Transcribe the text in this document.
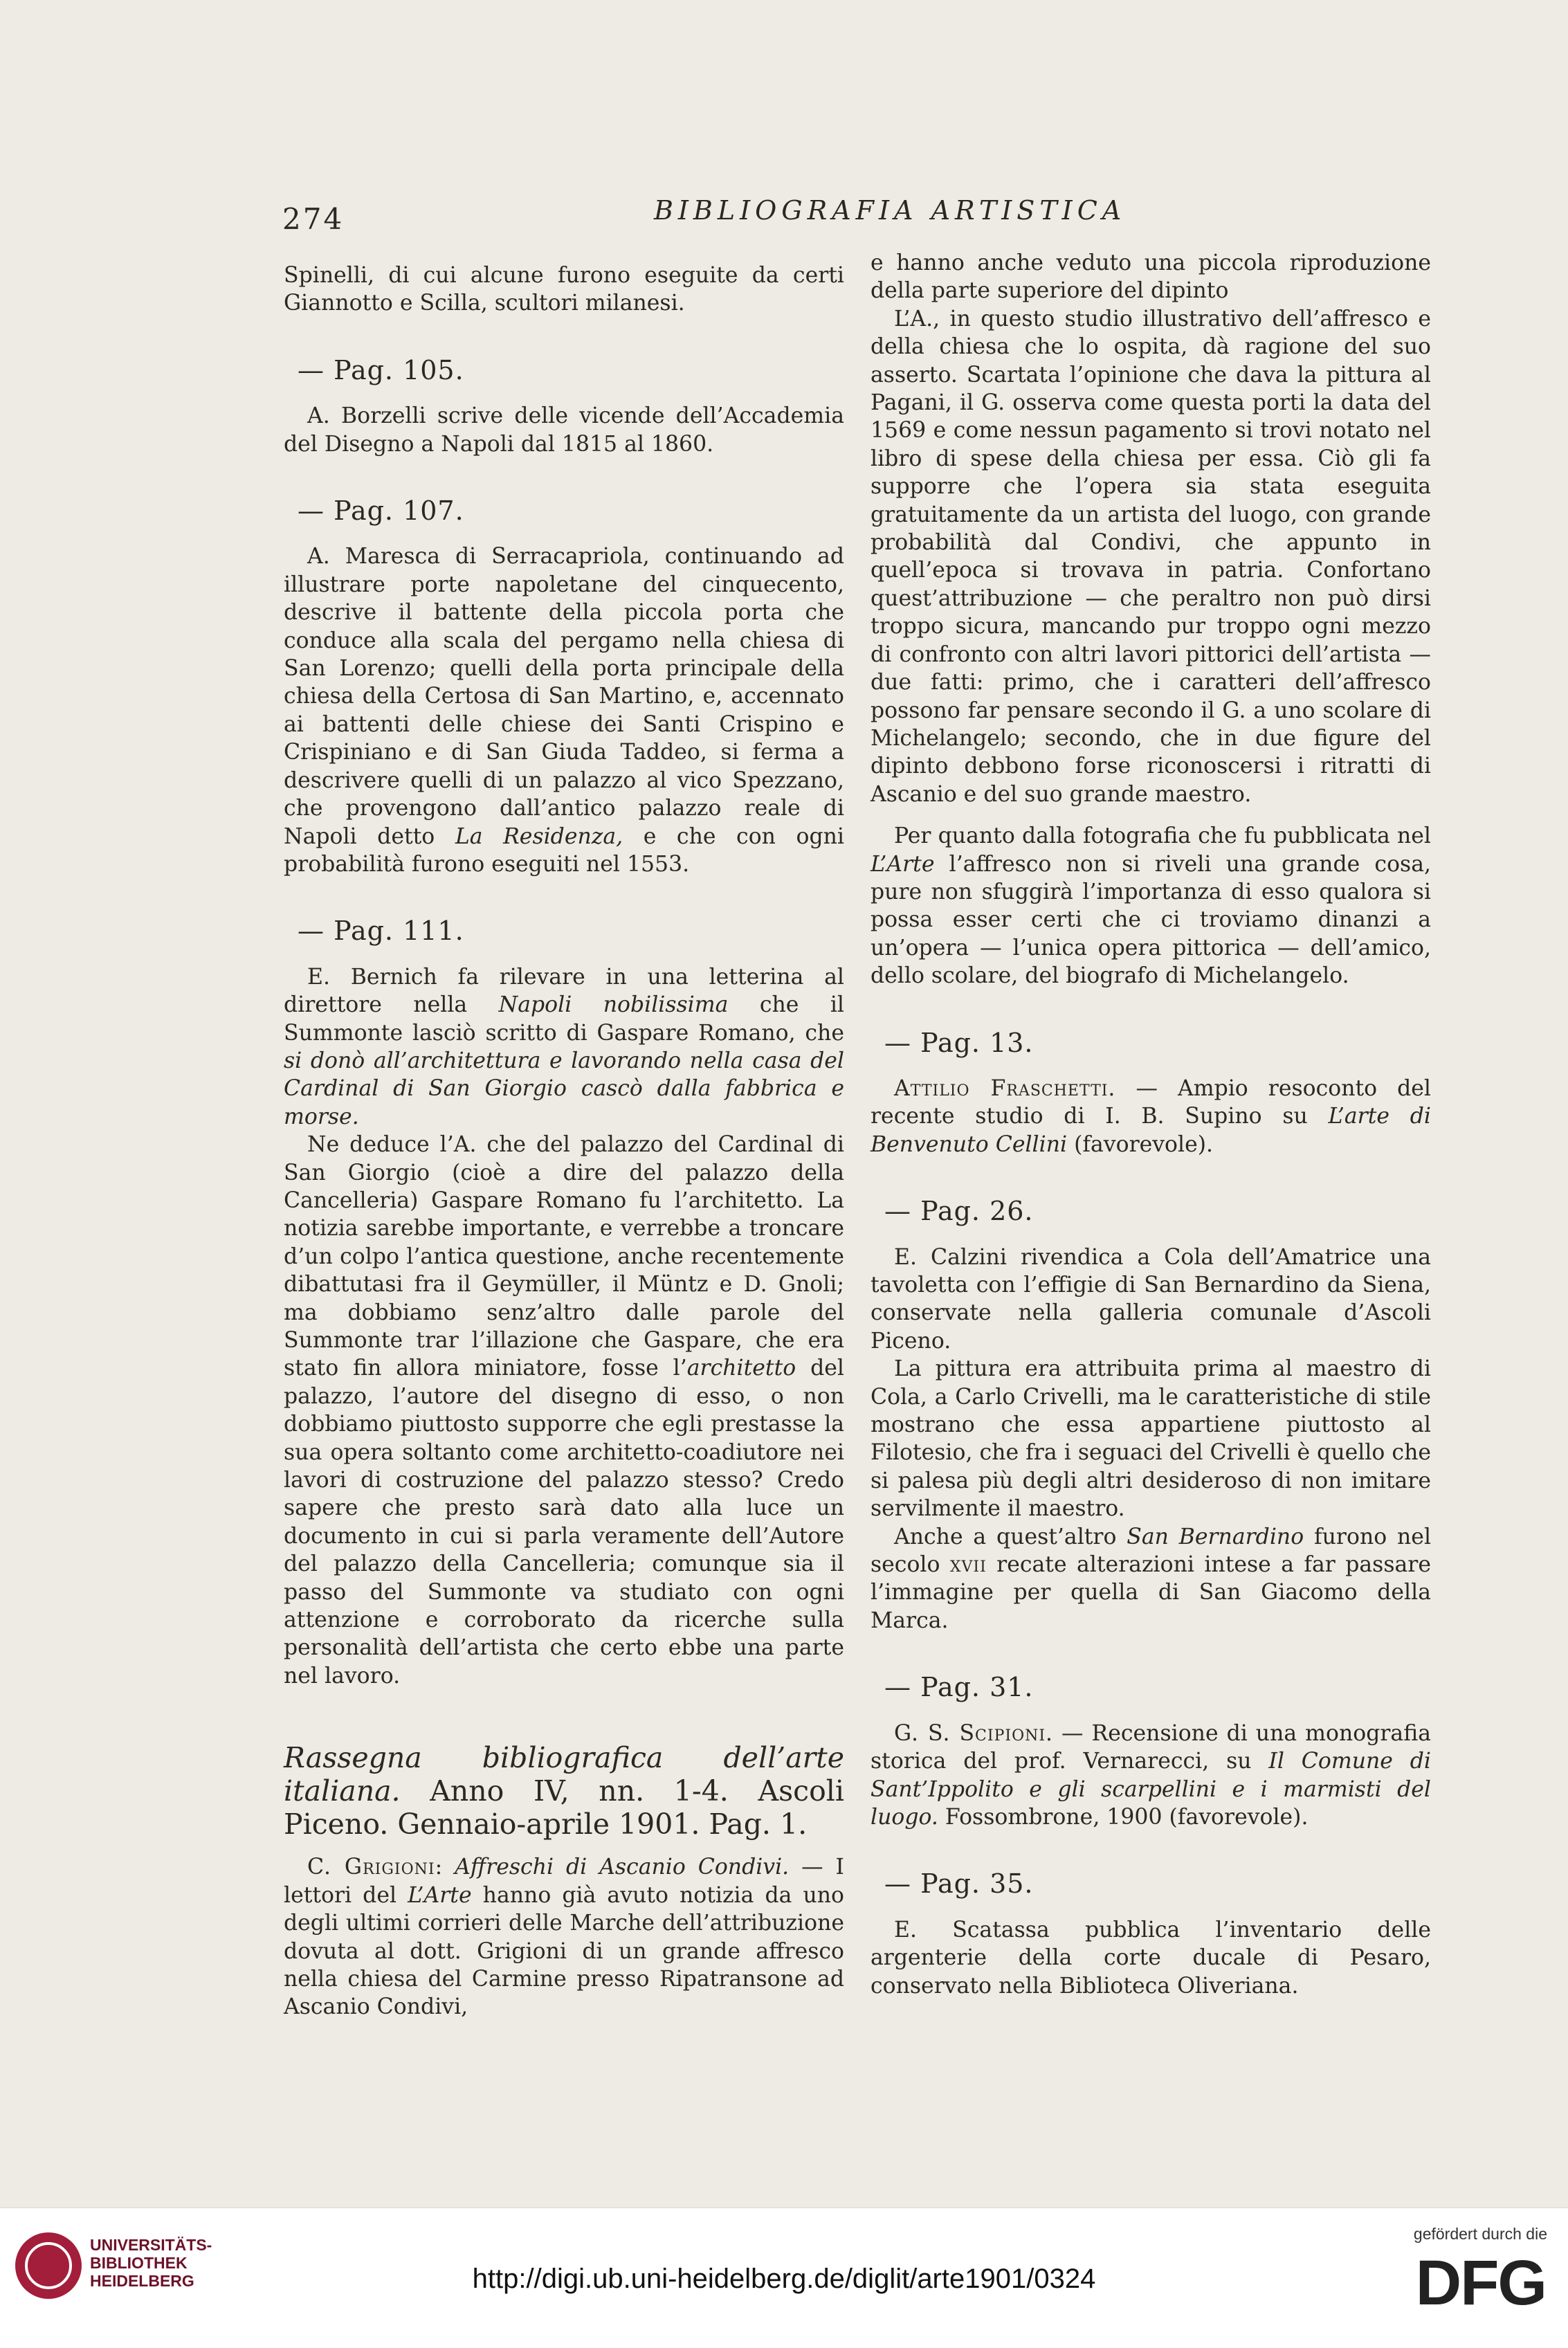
274	BIBLIOGRAFIA ARTISTICA

Spinelli, di cui alcune furono eseguite da certi Giannotto e Scilla, scultori milanesi.

— Pag. 105.

A. Borzelli scrive delle vicende dell’Accademia del Disegno a Napoli dal 1815 al 1860.

— Pag. 107.

A. Maresca di Serracapriola, continuando ad illustrare porte napoletane del cinquecento, descrive il battente della piccola porta che conduce alla scala del pergamo nella chiesa di San Lorenzo; quelli della porta principale della chiesa della Certosa di San Martino, e, accennato ai battenti delle chiese dei Santi Crispino e Crispiniano e di San Giuda Taddeo, si ferma a descrivere quelli di un palazzo al vico Spezzano, che provengono dall’antico palazzo reale di Napoli detto La Residenza, e che con ogni probabilità furono eseguiti nel 1553.

— Pag. 111.

E. Bernich fa rilevare in una letterina al direttore nella Napoli nobilissima che il Summonte lasciò scritto di Gaspare Romano, che si donò all’architettura e lavorando nella casa del Cardinal di San Giorgio cascò dalla fabbrica e morse.

Ne deduce l’A. che del palazzo del Cardinal di San Giorgio (cioè a dire del palazzo della Cancelleria) Gaspare Romano fu l’architetto. La notizia sarebbe importante, e verrebbe a troncare d’un colpo l’antica questione, anche recentemente dibattutasi fra il Geymüller, il Müntz e D. Gnoli; ma dobbiamo senz’altro dalle parole del Summonte trar l’illazione che Gaspare, che era stato fin allora miniatore, fosse l’architetto del palazzo, l’autore del disegno di esso, o non dobbiamo piuttosto supporre che egli prestasse la sua opera soltanto come architetto-coadiutore nei lavori di costruzione del palazzo stesso? Credo sapere che presto sarà dato alla luce un documento in cui si parla veramente dell’Autore del palazzo della Cancelleria; comunque sia il passo del Summonte va studiato con ogni attenzione e corroborato da ricerche sulla personalità dell’artista che certo ebbe una parte nel lavoro.

Rassegna bibliografica dell’arte italiana. Anno IV, nn. 1-4. Ascoli Piceno. Gennaio-aprile 1901. Pag. 1.

C. Grigioni: Affreschi di Ascanio Condivi. — I lettori del L’Arte hanno già avuto notizia da uno degli ultimi corrieri delle Marche dell’attribuzione dovuta al dott. Grigioni di un grande affresco nella chiesa del Carmine presso Ripatransone ad Ascanio Condivi,

e hanno anche veduto una piccola riproduzione della parte superiore del dipinto

L’A., in questo studio illustrativo dell’affresco e della chiesa che lo ospita, dà ragione del suo asserto. Scartata l’opinione che dava la pittura al Pagani, il G. osserva come questa porti la data del 1569 e come nessun pagamento si trovi notato nel libro di spese della chiesa per essa. Ciò gli fa supporre che l’opera sia stata eseguita gratuitamente da un artista del luogo, con grande probabilità dal Condivi, che appunto in quell’epoca si trovava in patria. Confortano quest’attribuzione — che peraltro non può dirsi troppo sicura, mancando pur troppo ogni mezzo di confronto con altri lavori pittorici dell’artista — due fatti: primo, che i caratteri dell’affresco possono far pensare secondo il G. a uno scolare di Michelangelo; secondo, che in due figure del dipinto debbono forse riconoscersi i ritratti di Ascanio e del suo grande maestro.

Per quanto dalla fotografia che fu pubblicata nel L’Arte l’affresco non si riveli una grande cosa, pure non sfuggirà l’importanza di esso qualora si possa esser certi che ci troviamo dinanzi a un’opera — l’unica opera pittorica — dell’amico, dello scolare, del biografo di Michelangelo.

— Pag. 13.

Attilio Fraschetti. — Ampio resoconto del recente studio di I. B. Supino su L’arte di Benvenuto Cellini (favorevole).

— Pag. 26.

E. Calzini rivendica a Cola dell’Amatrice una tavoletta con l’effigie di San Bernardino da Siena, conservate nella galleria comunale d’Ascoli Piceno.

La pittura era attribuita prima al maestro di Cola, a Carlo Crivelli, ma le caratteristiche di stile mostrano che essa appartiene piuttosto al Filotesio, che fra i seguaci del Crivelli è quello che si palesa più degli altri desideroso di non imitare servilmente il maestro.

Anche a quest’altro San Bernardino furono nel secolo xvii recate alterazioni intese a far passare l’immagine per quella di San Giacomo della Marca.

— Pag. 31.

G. S. Scipioni. — Recensione di una monografia storica del prof. Vernarecci, su Il Comune di Sant’Ippolito e gli scarpellini e i marmisti del luogo. Fossombrone, 1900 (favorevole).

— Pag. 35.

E. Scatassa pubblica l’inventario delle argenterie della corte ducale di Pesaro, conservato nella Biblioteca Oliveriana.

UNIVERSITÄTS-
BIBLIOTHEK
HEIDELBERG	http://digi.ub.uni-heidelberg.de/diglit/arte1901/0324
gefördert durch die
DFG
